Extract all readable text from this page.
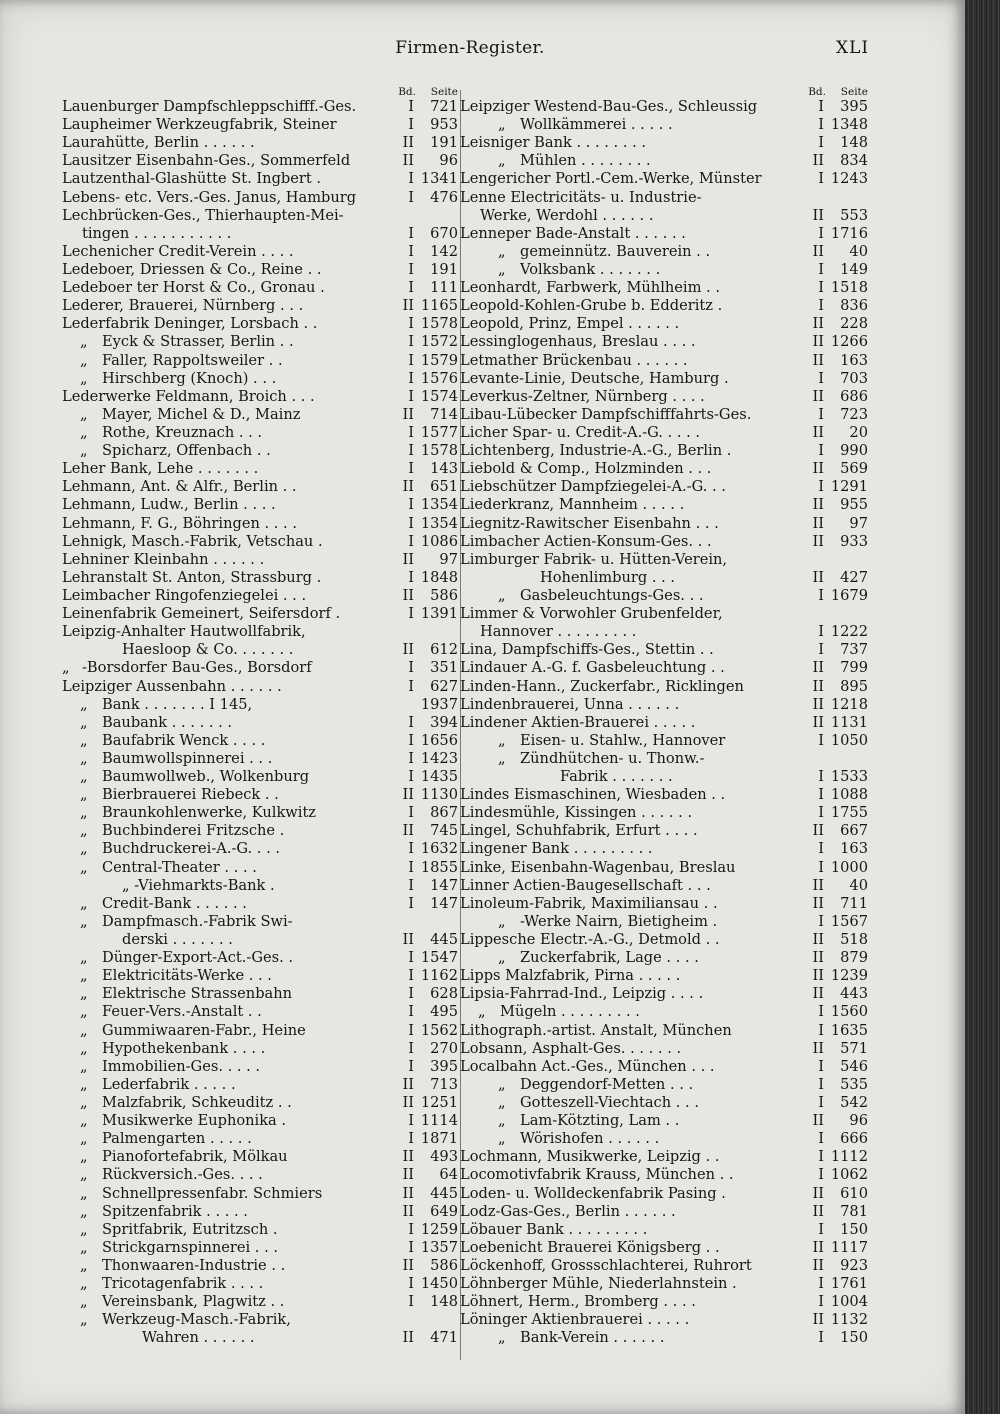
Firmen-Register.	XLI
Bd.	Seite
Lauenburger Dampfschleppschifff.-Ges.	I	721
Laupheimer Werkzeugfabrik, Steiner	I	953
Laurahütte, Berlin . . . . . .	II	191
Lausitzer Eisenbahn-Ges., Sommerfeld	II	96
Lautzenthal-Glashütte St. Ingbert .	I 1341
Lebens- etc. Vers.-Ges. Janus, Hamburg	I	476
Lechbrücken-Ges., Thierhaupten-Mei-
tingen . . . . . . . . . . .	I	670
Lechenicher Credit-Verein . . . .	I	142
Ledeboer, Driessen & Co., Reine . .	I	191
Ledeboer ter Horst & Co., Gronau .	I	111
Lederer, Brauerei, Nürnberg . . .	II 1165
Lederfabrik Deninger, Lorsbach . .	I 1578
„ Eyck & Strasser, Berlin . .	I 1572
„ Faller, Rappoltsweiler . .	I 1579
„ Hirschberg (Knoch) . . .	I 1576
Lederwerke Feldmann, Broich . . .	I 1574
„ Mayer, Michel & D., Mainz	II	714
„ Rothe, Kreuznach . . .	I 1577
„ Spicharz, Offenbach . .	I 1578
Leher Bank, Lehe . . . . . . .	I	143
Lehmann, Ant. & Alfr., Berlin . .	II	651
Lehmann, Ludw., Berlin . . . .	I 1354
Lehmann, F. G., Böhringen . . . .	I 1354
Lehnigk, Masch.-Fabrik, Vetschau .	I 1086
Lehniner Kleinbahn . . . . . .	II	97
Lehranstalt St. Anton, Strassburg .	I 1848
Leimbacher Ringofenziegelei . . .	II	586
Leinenfabrik Gemeinert, Seifersdorf .	I 1391
Leipzig-Anhalter Hautwollfabrik,
Haesloop & Co. . . . . . .	II	612
„ -Borsdorfer Bau-Ges., Borsdorf	I	351
Leipziger Aussenbahn . . . . . .	I	627
„ Bank . . . . . . . I 145,	1937
„ Baubank . . . . . . .	I	394
„ Baufabrik Wenck . . . .	I 1656
„ Baumwollspinnerei . . .	I 1423
„ Baumwollweb., Wolkenburg	I 1435
„ Bierbrauerei Riebeck . .	II 1130
„ Braunkohlenwerke, Kulkwitz	I	867
„ Buchbinderei Fritzsche .	II	745
„ Buchdruckerei-A.-G. . . .	I 1632
„ Central-Theater . . . .	I 1855
„ -Viehmarkts-Bank .	I	147
„ Credit-Bank . . . . . .	I	147
„ Dampfmasch.-Fabrik Swi-
derski . . . . . . .	II	445
„ Dünger-Export-Act.-Ges. .	I 1547
„ Elektricitäts-Werke . . .	I 1162
„ Elektrische Strassenbahn	I	628
„ Feuer-Vers.-Anstalt . .	I	495
„ Gummiwaaren-Fabr., Heine	I 1562
„ Hypothekenbank . . . .	I	270
„ Immobilien-Ges. . . . .	I	395
„ Lederfabrik . . . . .	II	713
„ Malzfabrik, Schkeuditz . .	II 1251
„ Musikwerke Euphonika .	I 1114
„ Palmengarten . . . . .	I 1871
„ Pianofortefabrik, Mölkau	II	493
„ Rückversich.-Ges. . . .	II	64
„ Schnellpressenfabr. Schmiers	II	445
„ Spitzenfabrik . . . . .	II	649
„ Spritfabrik, Eutritzsch .	I 1259
„ Strickgarnspinnerei . . .	I 1357
„ Thonwaaren-Industrie . .	II	586
„ Tricotagenfabrik . . . .	I 1450
„ Vereinsbank, Plagwitz . .	I	148
„ Werkzeug-Masch.-Fabrik,
Wahren . . . . . .	II	471
Bd.	Seite
Leipziger Westend-Bau-Ges., Schleussig	I	395
„ Wollkämmerei . . . . .	I 1348
Leisniger Bank . . . . . . . .	I	148
„ Mühlen . . . . . . . .	II	834
Lengericher Portl.-Cem.-Werke, Münster	I 1243
Lenne Electricitäts- u. Industrie-
Werke, Werdohl . . . . . .	II	553
Lenneper Bade-Anstalt . . . . . .	I 1716
„ gemeinnütz. Bauverein . .	II	40
„ Volksbank . . . . . . .	I	149
Leonhardt, Farbwerk, Mühlheim . .	I 1518
Leopold-Kohlen-Grube b. Edderitz .	I	836
Leopold, Prinz, Empel . . . . . .	II	228
Lessinglogenhaus, Breslau . . . .	II 1266
Letmather Brückenbau . . . . . .	II	163
Levante-Linie, Deutsche, Hamburg .	I	703
Leverkus-Zeltner, Nürnberg . . . .	II	686
Libau-Lübecker Dampfschifffahrts-Ges.	I	723
Licher Spar- u. Credit-A.-G. . . . .	II	20
Lichtenberg, Industrie-A.-G., Berlin .	I	990
Liebold & Comp., Holzminden . . .	II	569
Liebschützer Dampfziegelei-A.-G. . .	I 1291
Liederkranz, Mannheim . . . . .	II	955
Liegnitz-Rawitscher Eisenbahn . . .	II	97
Limbacher Actien-Konsum-Ges. . .	II	933
Limburger Fabrik- u. Hütten-Verein,
Hohenlimburg . . .	II	427
„ Gasbeleuchtungs-Ges. . .	I 1679
Limmer & Vorwohler Grubenfelder,
Hannover . . . . . . . . .	I 1222
Lina, Dampfschiffs-Ges., Stettin . .	I	737
Lindauer A.-G. f. Gasbeleuchtung . .	II	799
Linden-Hann., Zuckerfabr., Ricklingen	II	895
Lindenbrauerei, Unna . . . . . .	II 1218
Lindener Aktien-Brauerei . . . . .	II 1131
„ Eisen- u. Stahlw., Hannover	I 1050
„ Zündhütchen- u. Thonw.-
Fabrik . . . . . . .	I 1533
Lindes Eismaschinen, Wiesbaden . .	I 1088
Lindesmühle, Kissingen . . . . . .	I 1755
Lingel, Schuhfabrik, Erfurt . . . .	II	667
Lingener Bank . . . . . . . . .	I	163
Linke, Eisenbahn-Wagenbau, Breslau	I 1000
Linner Actien-Baugesellschaft . . .	II	40
Linoleum-Fabrik, Maximiliansau . .	II	711
„ -Werke Nairn, Bietigheim .	I 1567
Lippesche Electr.-A.-G., Detmold . .	II	518
„ Zuckerfabrik, Lage . . . .	II	879
Lipps Malzfabrik, Pirna . . . . .	II 1239
Lipsia-Fahrrad-Ind., Leipzig . . . .	II	443
„ Mügeln . . . . . . . . .	I 1560
Lithograph.-artist. Anstalt, München	I 1635
Lobsann, Asphalt-Ges. . . . . . .	II	571
Localbahn Act.-Ges., München . . .	I	546
„ Deggendorf-Metten . . .	I	535
„ Gotteszell-Viechtach . . .	I	542
„ Lam-Kötzting, Lam . .	II	96
„ Wörishofen . . . . . .	I	666
Lochmann, Musikwerke, Leipzig . .	I 1112
Locomotivfabrik Krauss, München . .	I 1062
Loden- u. Wolldeckenfabrik Pasing .	II	610
Lodz-Gas-Ges., Berlin . . . . . .	II	781
Löbauer Bank . . . . . . . . .	I	150
Loebenicht Brauerei Königsberg . .	II 1117
Löckenhoff, Grossschlachterei, Ruhrort	II	923
Löhnberger Mühle, Niederlahnstein .	I 1761
Löhnert, Herm., Bromberg . . . .	I 1004
Löninger Aktienbrauerei . . . . .	II 1132
„ Bank-Verein . . . . . .	I	150
